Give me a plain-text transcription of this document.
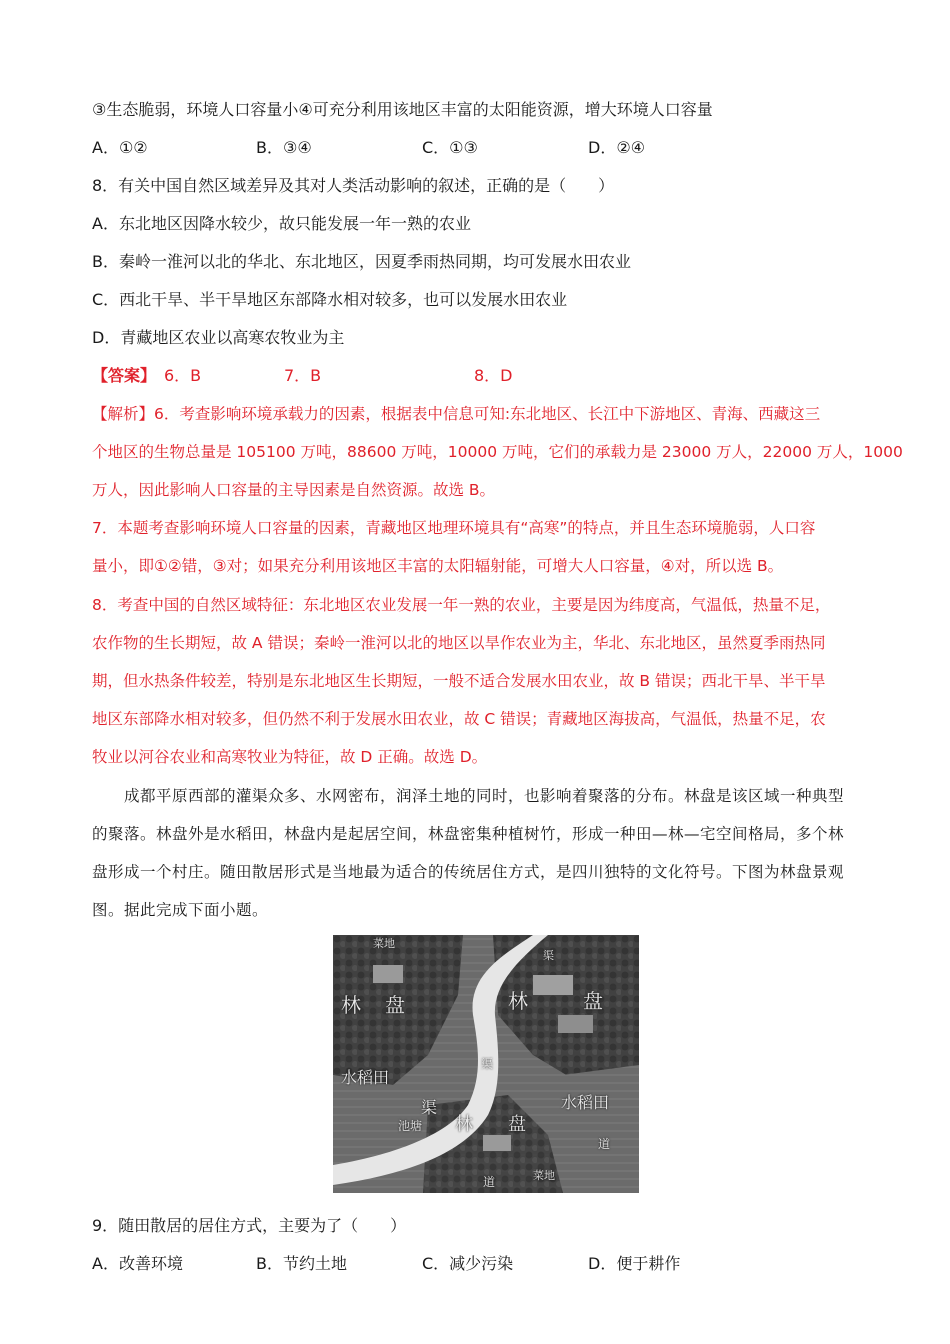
③生态脆弱，环境人口容量小④可充分利用该地区丰富的太阳能资源，增大环境人口容量
A．①②	B．③④	C．①③	D．②④
8．有关中国自然区域差异及其对人类活动影响的叙述，正确的是（　　）
A．东北地区因降水较少，故只能发展一年一熟的农业
B．秦岭一淮河以北的华北、东北地区，因夏季雨热同期，均可发展水田农业
C．西北干旱、半干旱地区东部降水相对较多，也可以发展水田农业
D．青藏地区农业以高寒农牧业为主
【答案】 6．B	7．B	8．D
【解析】6．考查影响环境承载力的因素，根据表中信息可知:东北地区、长江中下游地区、青海、西藏这三
个地区的生物总量是 105100 万吨，88600 万吨，10000 万吨，它们的承载力是 23000 万人，22000 万人，1000
万人，因此影响人口容量的主导因素是自然资源。故选 B。
7．本题考查影响环境人口容量的因素，青藏地区地理环境具有“高寒”的特点，并且生态环境脆弱，人口容
量小，即①②错，③对；如果充分利用该地区丰富的太阳辐射能，可增大人口容量，④对，所以选 B。
8．考查中国的自然区域特征：东北地区农业发展一年一熟的农业，主要是因为纬度高，气温低，热量不足，
农作物的生长期短，故 A 错误；秦岭一淮河以北的地区以旱作农业为主，华北、东北地区，虽然夏季雨热同
期，但水热条件较差，特别是东北地区生长期短，一般不适合发展水田农业，故 B 错误；西北干旱、半干旱
地区东部降水相对较多，但仍然不利于发展水田农业，故 C 错误；青藏地区海拔高，气温低，热量不足，农
牧业以河谷农业和高寒牧业为特征，故 D 正确。故选 D。
成都平原西部的灌渠众多、水网密布，润泽土地的同时，也影响着聚落的分布。林盘是该区域一种典型
的聚落。林盘外是水稻田，林盘内是起居空间，林盘密集种植树竹，形成一种田—林—宅空间格局，多个林
盘形成一个村庄。随田散居形式是当地最为适合的传统居住方式，是四川独特的文化符号。下图为林盘景观
图。据此完成下面小题。
林 盘	林	盘
水稻田
渠
林 盘
水稻田
池塘
菜地
渠
渠
道
道	菜地
9．随田散居的居住方式，主要为了（　　）
A．改善环境	B．节约土地	C．减少污染	D．便于耕作
